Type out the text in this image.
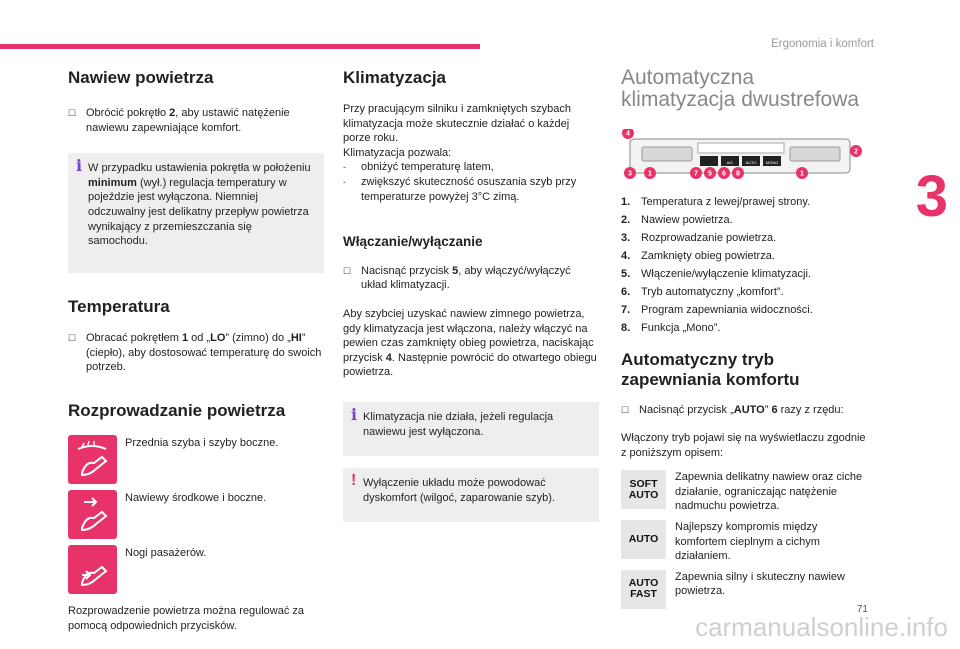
Ergonomia i komfort
3
71
Nawiew powietrza
☐ Obrócić pokrętło 2, aby ustawić natężenie nawiewu zapewniające komfort.
i W przypadku ustawienia pokrętła w położeniu minimum (wył.) regulacja temperatury w pojeździe jest wyłączona. Niemniej odczuwalny jest delikatny przepływ powietrza wynikający z przemieszczania się samochodu.
Temperatura
☐ Obracać pokrętłem 1 od „LO” (zimno) do „HI” (ciepło), aby dostosować temperaturę do swoich potrzeb.
Rozprowadzanie powietrza
Przednia szyba i szyby boczne.
Nawiewy środkowe i boczne.
Nogi pasażerów.

Rozprowadzenie powietrza można regulować za pomocą odpowiednich przycisków.

Klimatyzacja

Przy pracującym silniku i zamkniętych szybach klimatyzacja może skutecznie działać o każdej porze roku.

Klimatyzacja pozwala:

- obniżyć temperaturę latem,
- zwiększyć skuteczność osuszania szyb przy temperaturze powyżej 3°C zimą.
Włączanie/wyłączanie
☐ Nacisnąć przycisk 5, aby włączyć/wyłączyć układ klimatyzacji.

Aby szybciej uzyskać nawiew zimnego powietrza, gdy klimatyzacja jest włączona, należy włączyć na pewien czas zamknięty obieg powietrza, naciskając przycisk 4. Następnie powrócić do otwartego obiegu powietrza.

i Klimatyzacja nie działa, jeżeli regulacja nawiewu jest wyłączona.
! Wyłączenie układu może powodować dyskomfort (wilgoć, zaparowanie szyb).
Automatyczna
klimatyzacja dwustrefowa
A/C	AUTO MONO
4
2
3 1	7 5 6 8	1
1. Temperatura z lewej/prawej strony.
2. Nawiew powietrza.
3. Rozprowadzanie powietrza.
4. Zamknięty obieg powietrza.
5. Włączenie/wyłączenie klimatyzacji.
6. Tryb automatyczny „komfort”.
7. Program zapewniania widoczności.
8. Funkcja „Mono”.
Automatyczny tryb
zapewniania komfortu
☐ Nacisnąć przycisk „AUTO” 6 razy z rzędu:

Włączony tryb pojawi się na wyświetlaczu zgodnie z poniższym opisem:

SOFT
AUTO
Zapewnia delikatny nawiew oraz ciche działanie, ograniczając natężenie nadmuchu powietrza.
AUTO
Najlepszy kompromis między komfortem cieplnym a cichym działaniem.
AUTO
FAST
Zapewnia silny i skuteczny nawiew powietrza.
carmanualsonline.info
